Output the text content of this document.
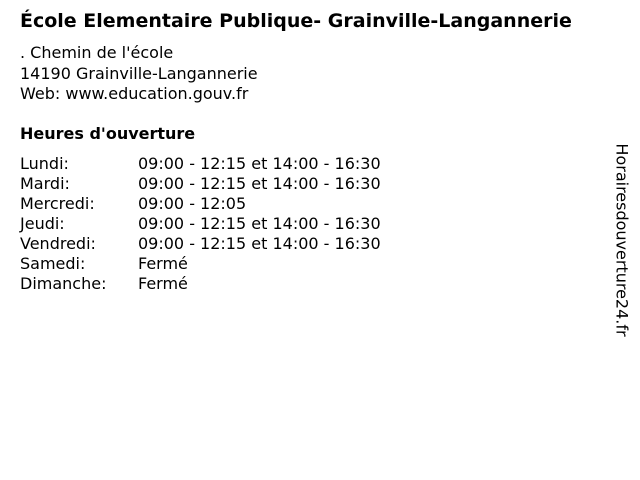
École Elementaire Publique- Grainville-Langannerie
. Chemin de l'école
14190 Grainville-Langannerie
Web: www.education.gouv.fr
Heures d'ouverture
Lundi:	09:00 - 12:15 et 14:00 - 16:30
Mardi:	09:00 - 12:15 et 14:00 - 16:30
Mercredi:	09:00 - 12:05
Jeudi:	09:00 - 12:15 et 14:00 - 16:30
Vendredi:	09:00 - 12:15 et 14:00 - 16:30
Samedi:	Fermé
Dimanche:	Fermé	Horairesdouverture24.fr
